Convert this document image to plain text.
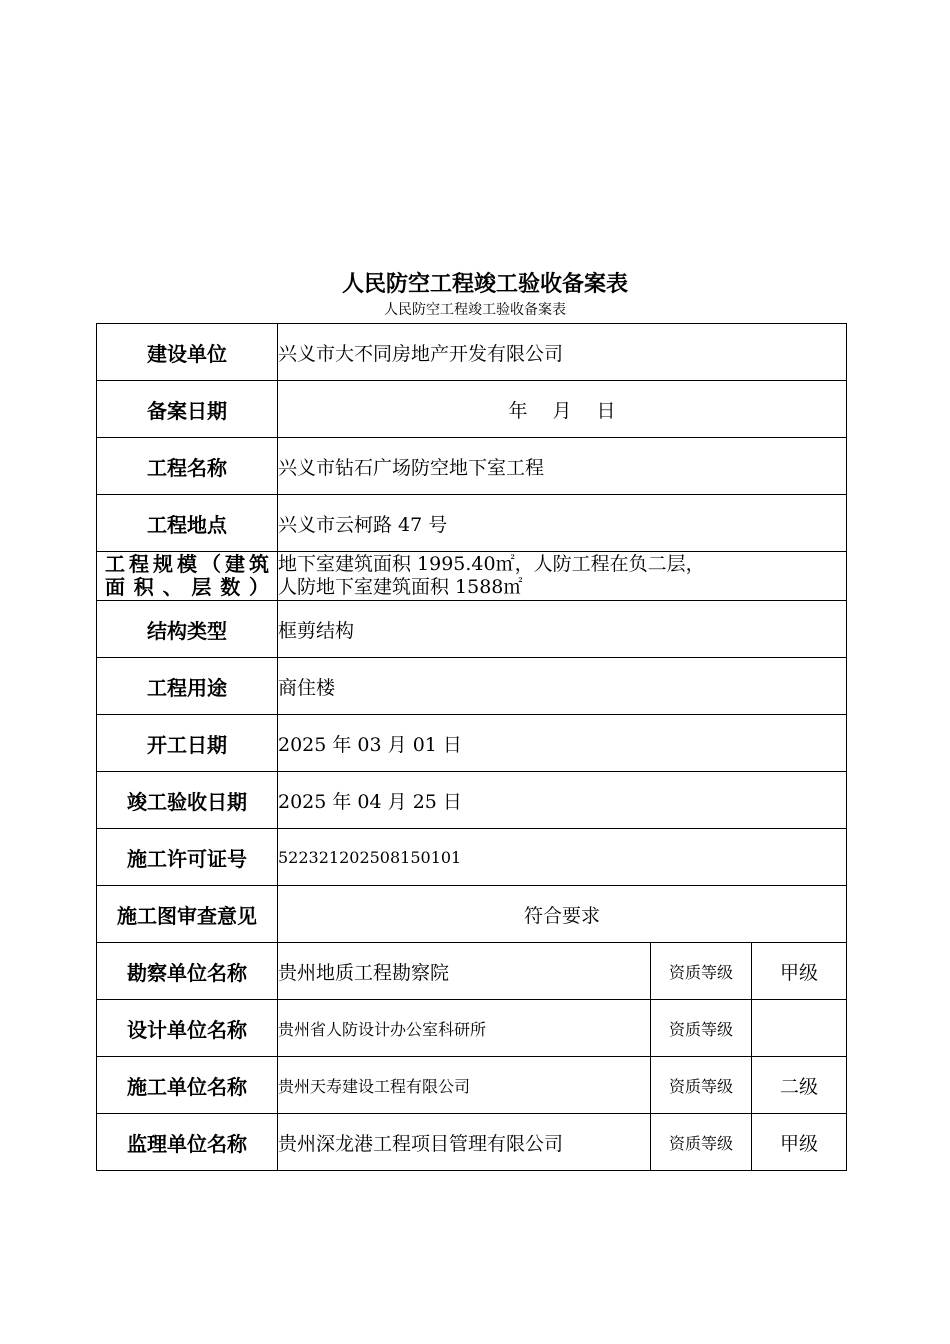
人民防空工程竣工验收备案表
人民防空工程竣工验收备案表
建设单位	兴义市大不同房地产开发有限公司		
备案日期	年　 月　 日		
工程名称	兴义市钻石广场防空地下室工程		
工程地点	兴义市云柯路 47 号		

工程规模（建筑
面积、层数）	地下室建筑面积 1995.40㎡，人防工程在负二层，
人防地下室建筑面积 1588㎡		

结构类型	框剪结构		
工程用途	商住楼		
开工日期	2025 年 03 月 01 日		
竣工验收日期	2025 年 04 月 25 日		
施工许可证号	522321202508150101		
施工图审查意见	符合要求		
勘察单位名称	贵州地质工程勘察院	资质等级	甲级
设计单位名称	贵州省人防设计办公室科研所	资质等级	
施工单位名称	贵州天寿建设工程有限公司	资质等级	二级
监理单位名称	贵州深龙港工程项目管理有限公司	资质等级	甲级
